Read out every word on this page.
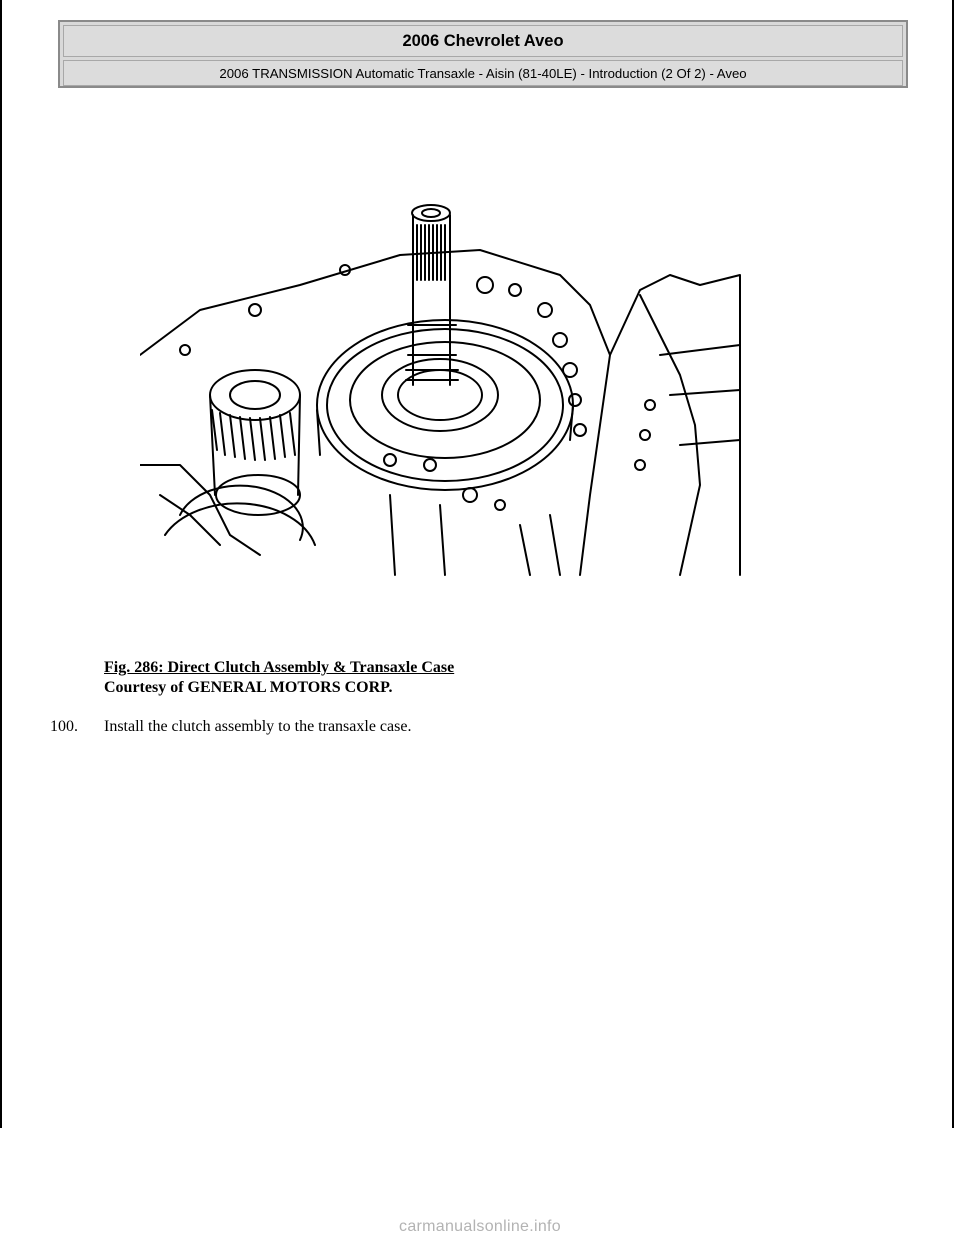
2006 Chevrolet Aveo
2006 TRANSMISSION Automatic Transaxle - Aisin (81-40LE) - Introduction (2 Of 2) - Aveo
Fig. 286: Direct Clutch Assembly & Transaxle Case
Courtesy of GENERAL MOTORS CORP.
100. Install the clutch assembly to the transaxle case.
carmanualsonline.info
